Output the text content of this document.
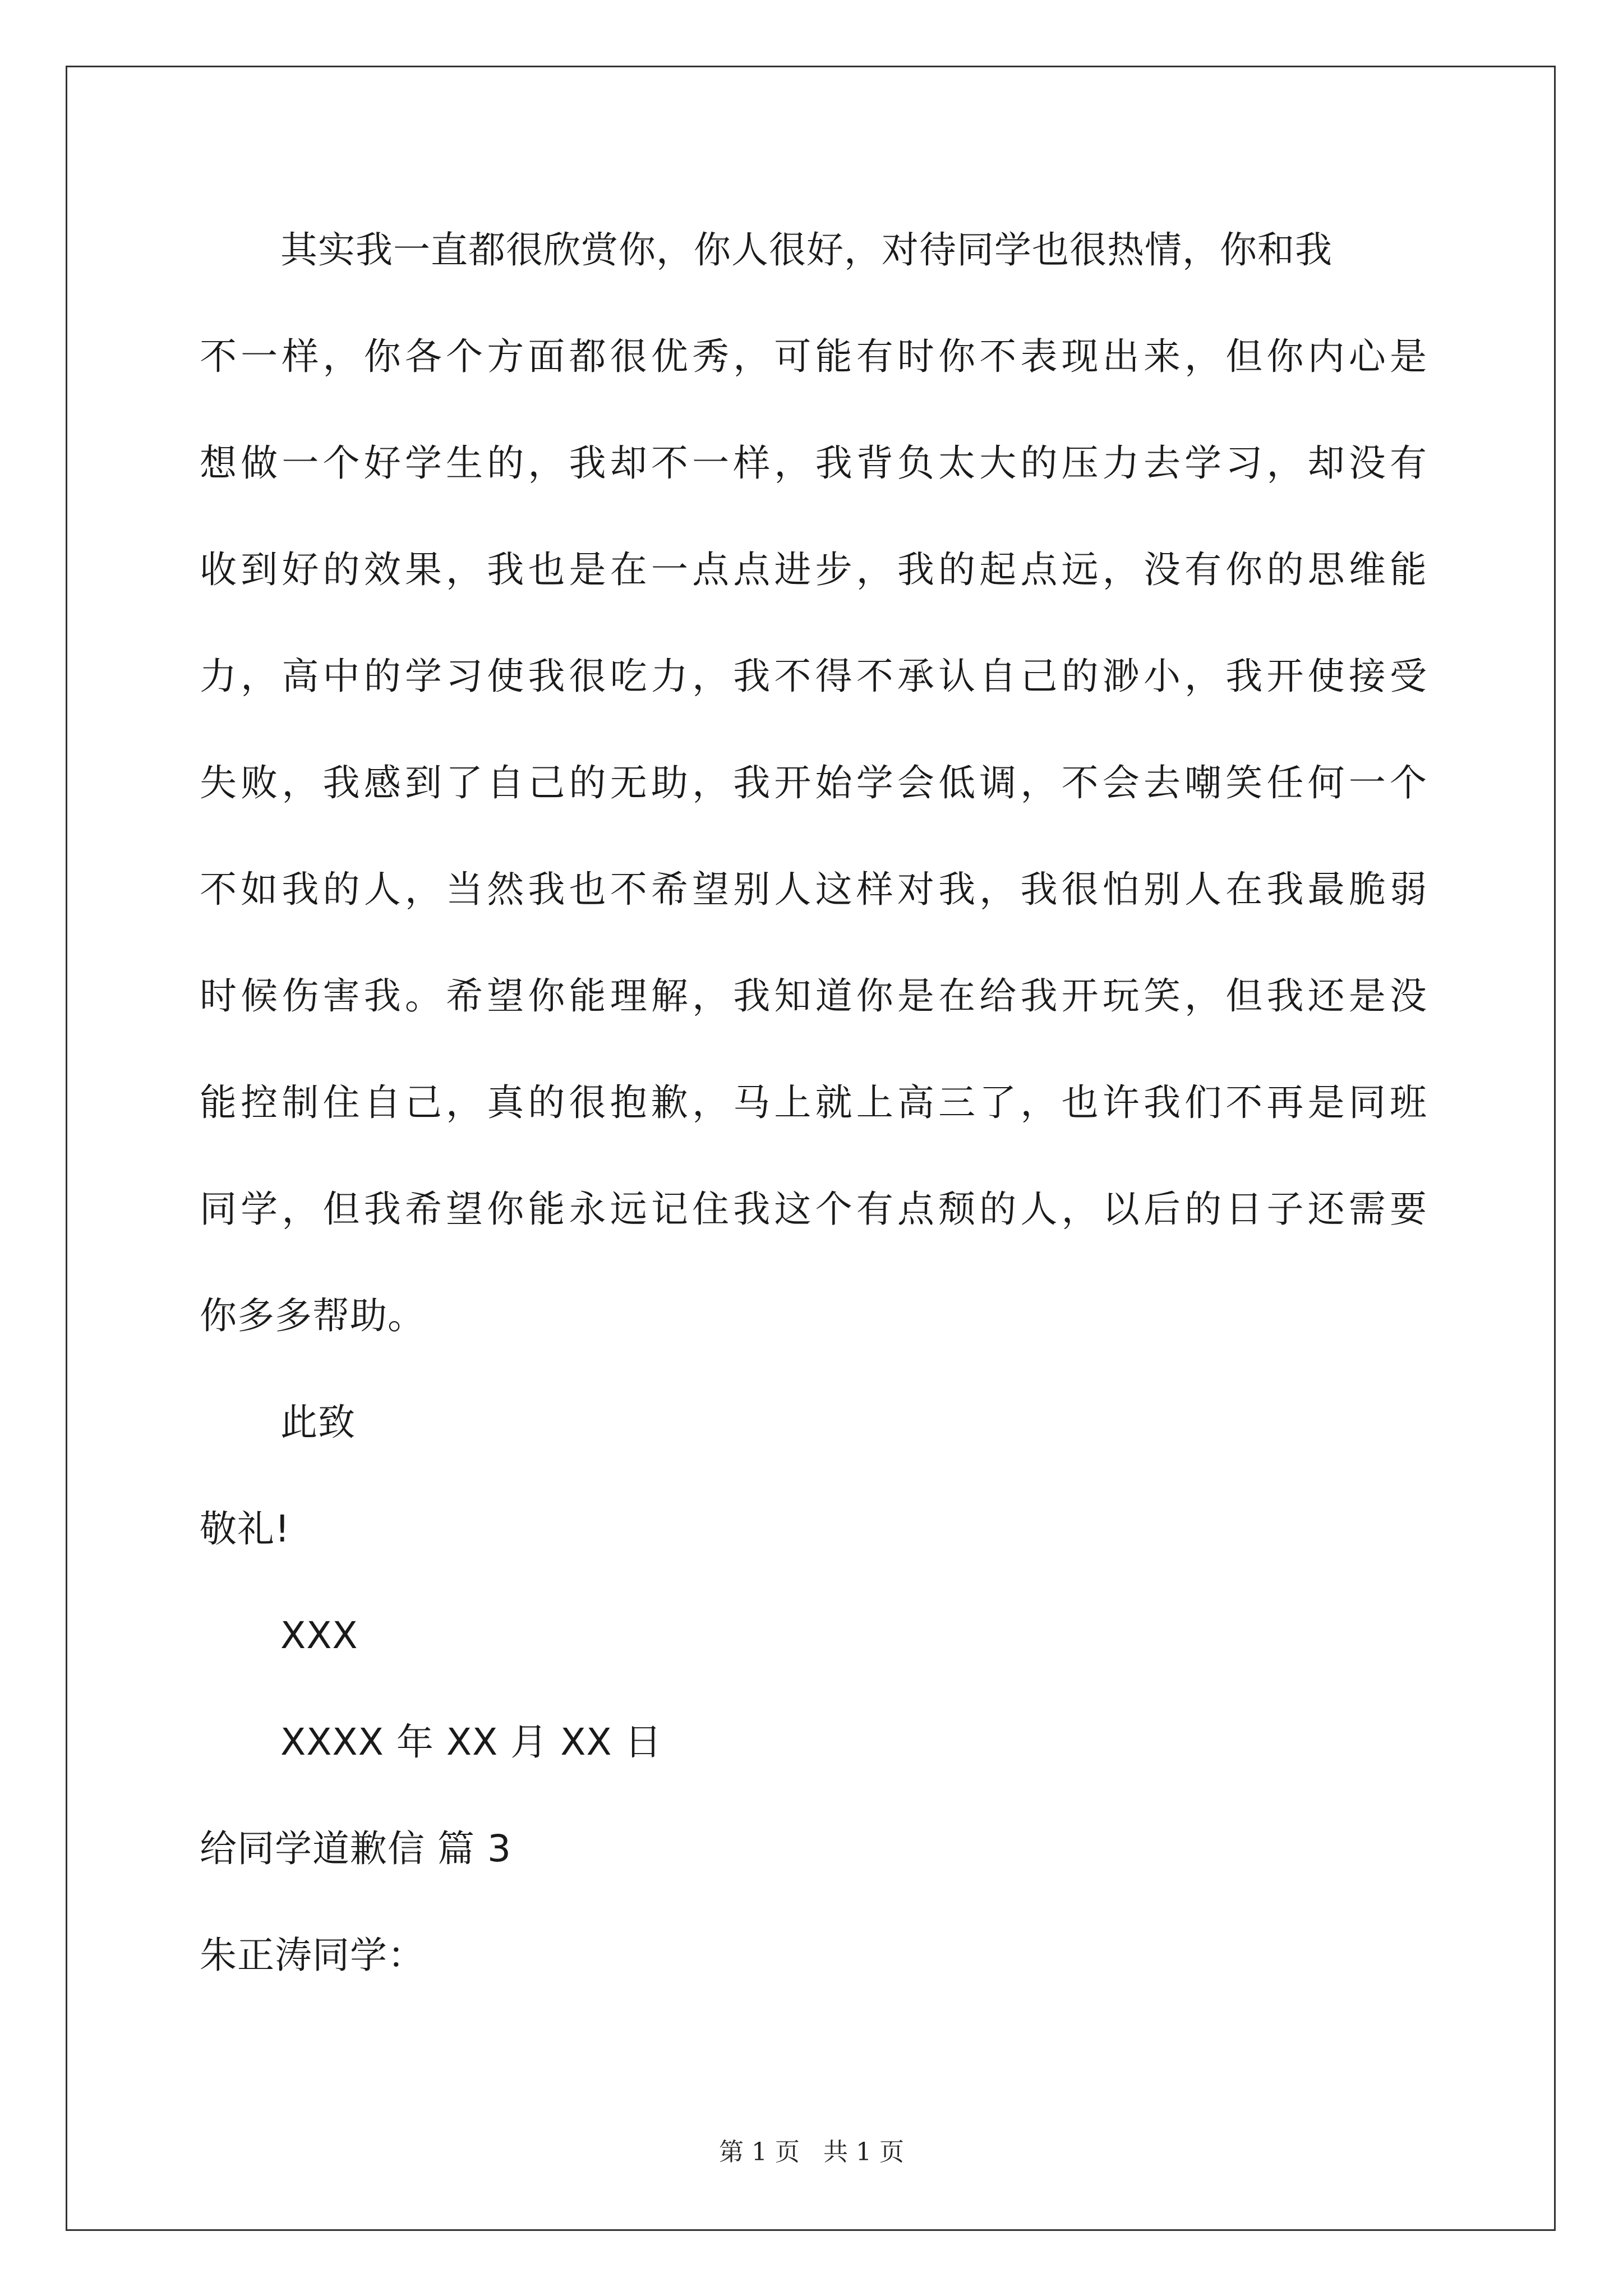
其实我一直都很欣赏你，你人很好，对待同学也很热情，你和我
不一样，你各个方面都很优秀，可能有时你不表现出来，但你内心是
想做一个好学生的，我却不一样，我背负太大的压力去学习，却没有
收到好的效果，我也是在一点点进步，我的起点远，没有你的思维能
力，高中的学习使我很吃力，我不得不承认自己的渺小，我开使接受
失败，我感到了自己的无助，我开始学会低调，不会去嘲笑任何一个
不如我的人，当然我也不希望别人这样对我，我很怕别人在我最脆弱
时候伤害我。希望你能理解，我知道你是在给我开玩笑，但我还是没
能控制住自己，真的很抱歉，马上就上高三了，也许我们不再是同班
同学，但我希望你能永远记住我这个有点颓的人，以后的日子还需要
你多多帮助。
此致
敬礼!
XXX
XXXX 年 XX 月 XX 日
给同学道歉信 篇 3
朱正涛同学：
第 1 页   共 1 页
